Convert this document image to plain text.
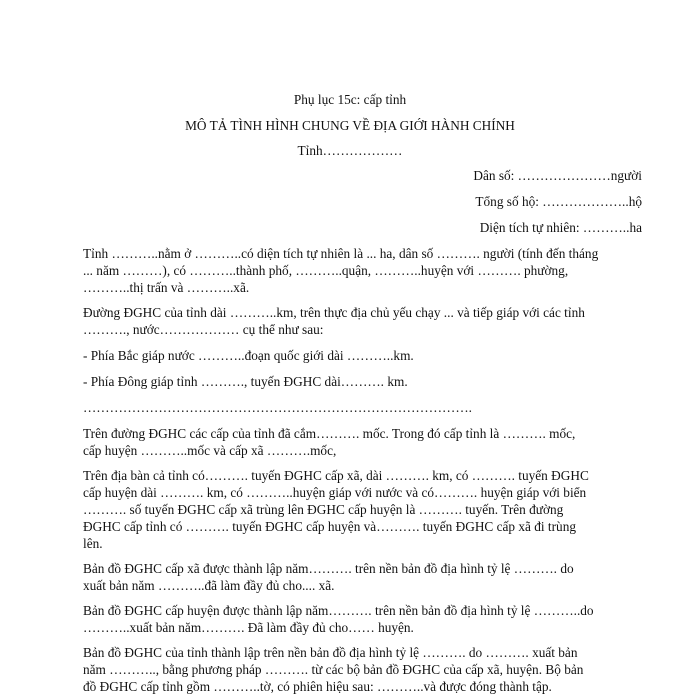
Phụ lục 15c: cấp tỉnh
MÔ TẢ TÌNH HÌNH CHUNG VỀ ĐỊA GIỚI HÀNH CHÍNH
Tỉnh………………
Dân số: …………………người
Tổng số hộ: ………………..hộ
Diện tích tự nhiên: ………..ha
Tỉnh ………..nằm ở ………..có diện tích tự nhiên là ... ha, dân số ………. người (tính đến tháng
... năm ………), có ………..thành phố, ………..quận, ………..huyện với ………. phường,
………..thị trấn và ………..xã.
Đường ĐGHC của tỉnh dài ………..km, trên thực địa chủ yếu chạy ... và tiếp giáp với các tỉnh
………., nước……………… cụ thể như sau:
- Phía Bắc giáp nước ………..đoạn quốc giới dài ………..km.
- Phía Đông giáp tỉnh ………., tuyến ĐGHC dài………. km.
…………………………………………………………………………….
Trên đường ĐGHC các cấp của tỉnh đã cắm………. mốc. Trong đó cấp tỉnh là ………. mốc,
cấp huyện ………..mốc và cấp xã ……….mốc,
Trên địa bàn cả tỉnh có………. tuyến ĐGHC cấp xã, dài ………. km, có ………. tuyến ĐGHC
cấp huyện dài ………. km, có ………..huyện giáp với nước và có………. huyện giáp với biển
………. số tuyến ĐGHC cấp xã trùng lên ĐGHC cấp huyện là ………. tuyến. Trên đường
ĐGHC cấp tỉnh có ………. tuyến ĐGHC cấp huyện và………. tuyến ĐGHC cấp xã đi trùng
lên.
Bản đồ ĐGHC cấp xã được thành lập năm………. trên nền bản đồ địa hình tỷ lệ ………. do
xuất bản năm ………..đã làm đầy đủ cho.... xã.
Bản đồ ĐGHC cấp huyện được thành lập năm………. trên nền bản đồ địa hình tỷ lệ ………..do
………..xuất bản năm………. Đã làm đầy đủ cho…… huyện.
Bản đồ ĐGHC của tỉnh thành lập trên nền bản đồ địa hình tỷ lệ ………. do ………. xuất bản
năm ……….., bằng phương pháp ………. từ các bộ bản đồ ĐGHC của cấp xã, huyện. Bộ bản
đồ ĐGHC cấp tỉnh gồm ………..tờ, có phiên hiệu sau: ………..và được đóng thành tập.
